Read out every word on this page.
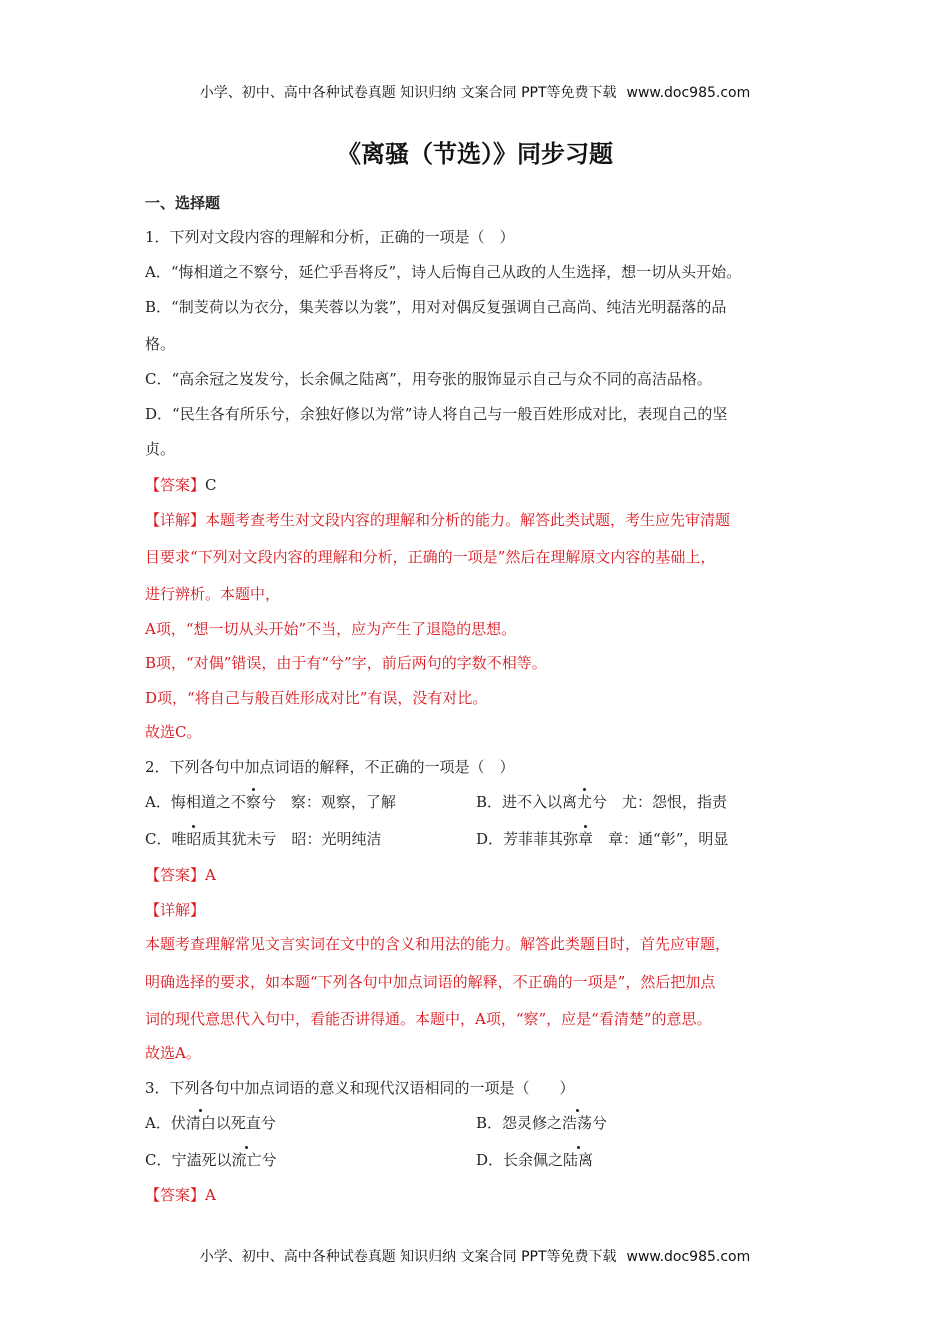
小学、初中、高中各种试卷真题 知识归纳 文案合同 PPT等免费下载 www.doc985.com
《离骚（节选）》同步习题
一、选择题
1．下列对文段内容的理解和分析，正确的一项是（　）
A．“悔相道之不察兮，延伫乎吾将反”，诗人后悔自己从政的人生选择，想一切从头开始。
B．“制芰荷以为衣分，集芙蓉以为裳”，用对对偶反复强调自己高尚、纯洁光明磊落的品
格。
C．“高余冠之岌发兮，长余佩之陆离”，用夸张的服饰显示自己与众不同的高洁品格。
D．“民生各有所乐兮，余独好修以为常”诗人将自己与一般百姓形成对比，表现自己的坚
贞。
【答案】C
【详解】本题考查考生对文段内容的理解和分析的能力。解答此类试题，考生应先审清题
目要求“下列对文段内容的理解和分析，正确的一项是”然后在理解原文内容的基础上，
进行辨析。本题中，
A项，“想一切从头开始”不当，应为产生了退隐的思想。
B项，“对偶”错误，由于有“兮”字，前后两句的字数不相等。
D项，“将自己与般百姓形成对比”有误，没有对比。
故选C。
2．下列各句中加点词语的解释，不正确的一项是（　）
A．悔相道之不察兮　察：观察，了解	B．进不入以离尤兮　尤：怨恨，指责
C．唯昭质其犹未亏　昭：光明纯洁	D．芳菲菲其弥章　章：通“彰”，明显
【答案】A
【详解】
本题考查理解常见文言实词在文中的含义和用法的能力。解答此类题目时，首先应审题，
明确选择的要求，如本题“下列各句中加点词语的解释，不正确的一项是”，然后把加点
词的现代意思代入句中，看能否讲得通。本题中，A项，“察”，应是“看清楚”的意思。
故选A。
3．下列各句中加点词语的意义和现代汉语相同的一项是（　　）
A．伏清白以死直兮	B．怨灵修之浩荡兮
C．宁溘死以流亡兮	D．长余佩之陆离
【答案】A
小学、初中、高中各种试卷真题 知识归纳 文案合同 PPT等免费下载 www.doc985.com
